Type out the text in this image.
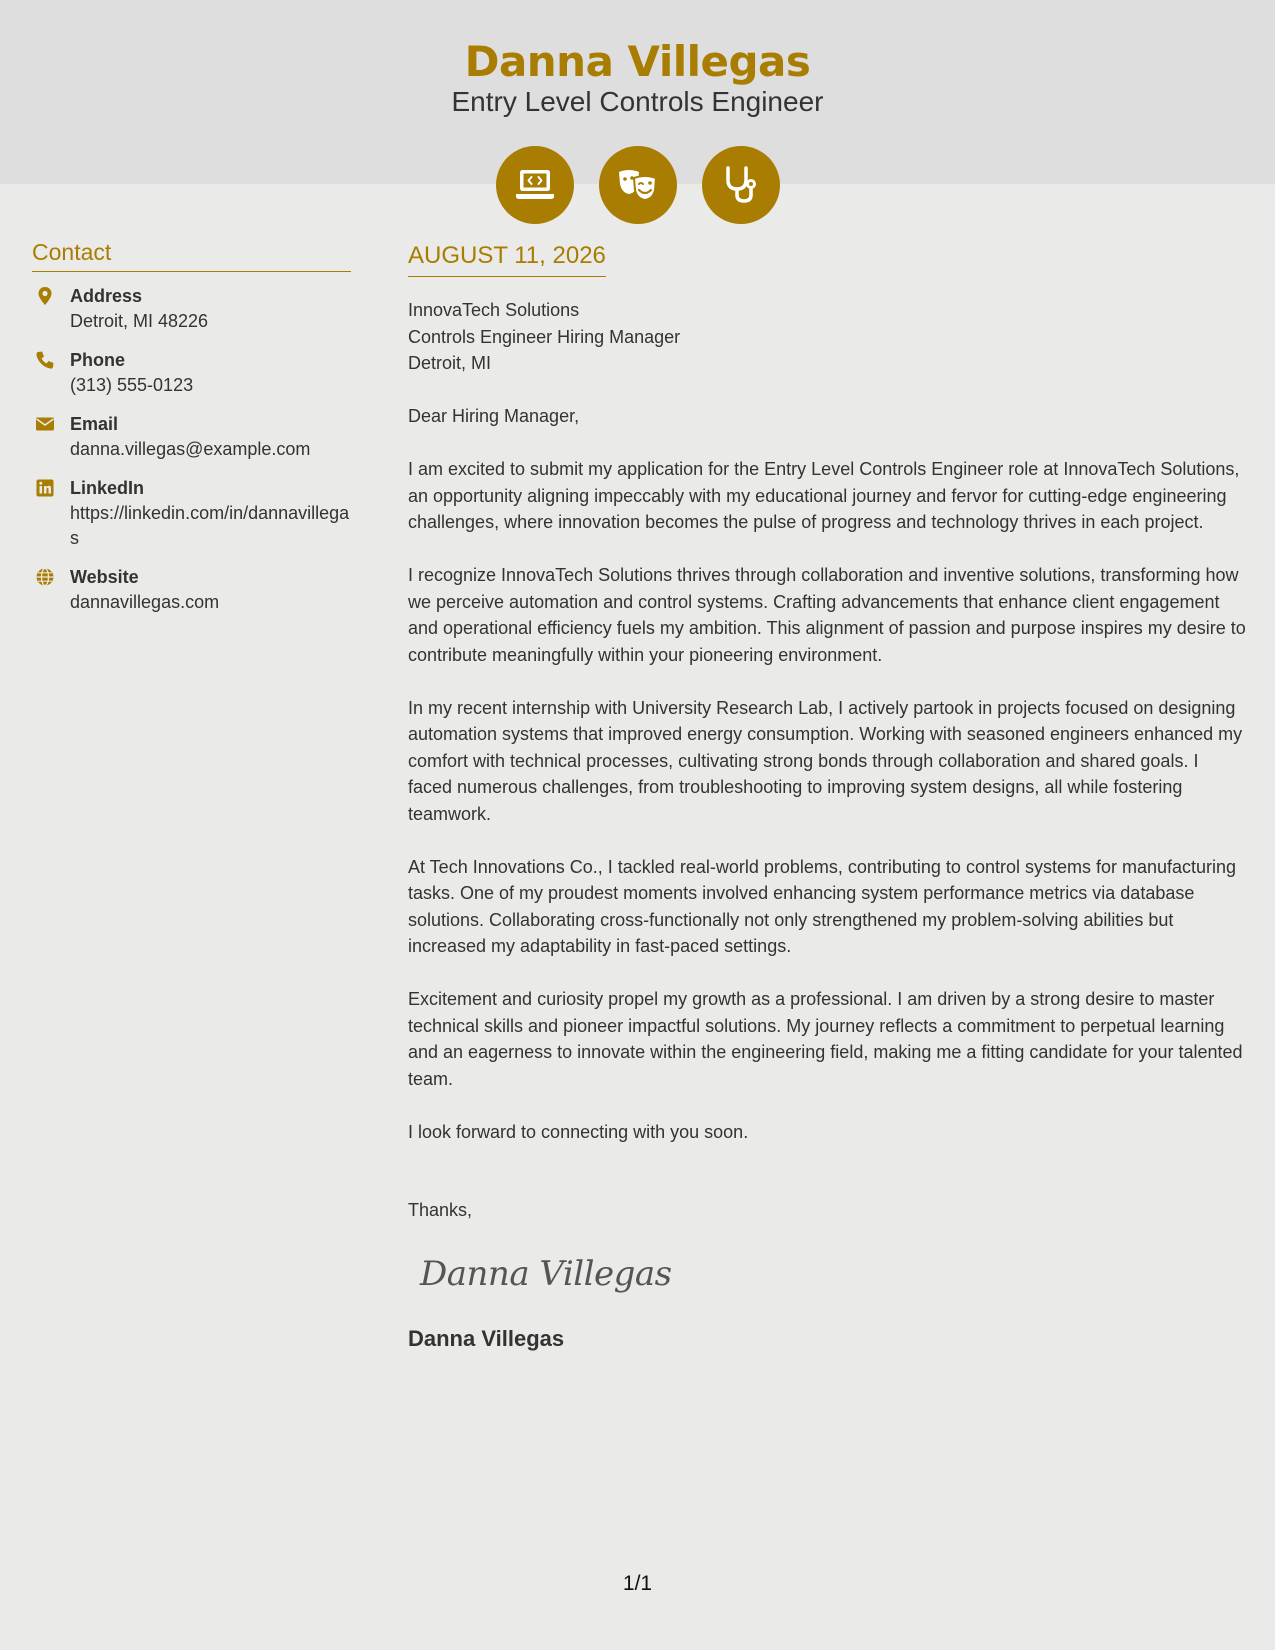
Danna Villegas
Entry Level Controls Engineer
Contact
Address
Detroit, MI 48226
Phone
(313) 555-0123
Email
danna.villegas@example.com
LinkedIn
https://linkedin.com/in/dannavillegas
Website
dannavillegas.com
AUGUST 11, 2026
InnovaTech Solutions
Controls Engineer Hiring Manager
Detroit, MI

Dear Hiring Manager,

I am excited to submit my application for the Entry Level Controls Engineer role at InnovaTech Solutions, an opportunity aligning impeccably with my educational journey and fervor for cutting-edge engineering challenges, where innovation becomes the pulse of progress and technology thrives in each project.

I recognize InnovaTech Solutions thrives through collaboration and inventive solutions, transforming how we perceive automation and control systems. Crafting advancements that enhance client engagement and operational efficiency fuels my ambition. This alignment of passion and purpose inspires my desire to contribute meaningfully within your pioneering environment.

In my recent internship with University Research Lab, I actively partook in projects focused on designing automation systems that improved energy consumption. Working with seasoned engineers enhanced my comfort with technical processes, cultivating strong bonds through collaboration and shared goals. I faced numerous challenges, from troubleshooting to improving system designs, all while fostering teamwork.

At Tech Innovations Co., I tackled real-world problems, contributing to control systems for manufacturing tasks. One of my proudest moments involved enhancing system performance metrics via database solutions. Collaborating cross-functionally not only strengthened my problem-solving abilities but increased my adaptability in fast-paced settings.

Excitement and curiosity propel my growth as a professional. I am driven by a strong desire to master technical skills and pioneer impactful solutions. My journey reflects a commitment to perpetual learning and an eagerness to innovate within the engineering field, making me a fitting candidate for your talented team.

I look forward to connecting with you soon.

Thanks,
Danna Villegas
Danna Villegas
1/1
